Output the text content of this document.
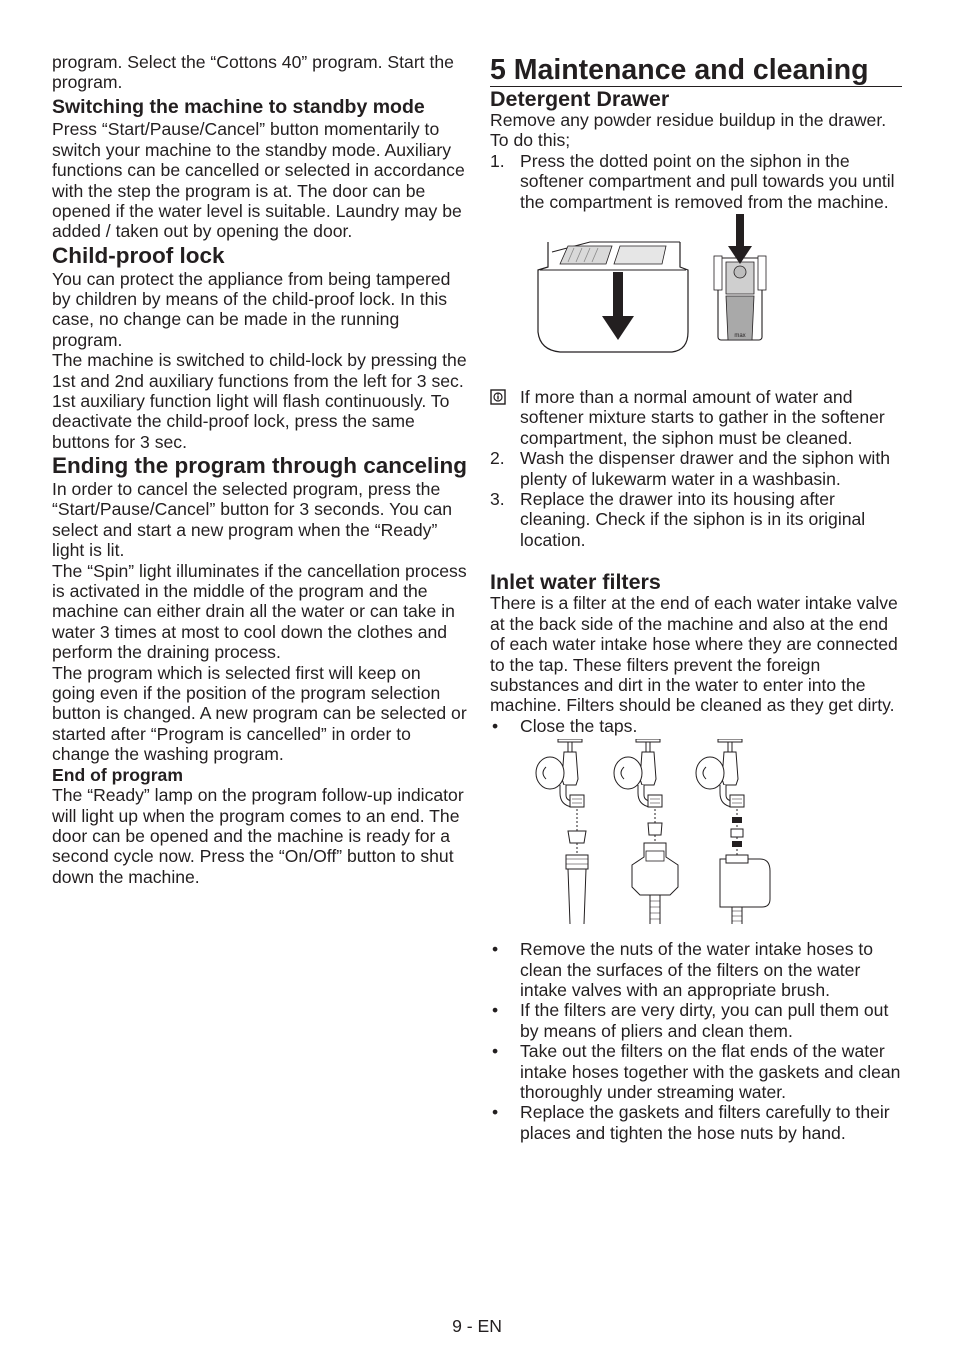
program. Select the “Cottons 40” program. Start the program.

Switching the machine to standby mode

Press “Start/Pause/Cancel” button momentarily to switch your machine to the standby mode. Auxiliary functions can be cancelled or selected in accordance with the step the program is at. The door can be opened if the water level is suitable. Laundry may be added / taken out by opening the door.

Child-proof lock

You can protect the appliance from being tampered by children by means of the child-proof lock. In this case, no change can be made in the running program.

The machine is switched to child-lock by pressing the 1st and 2nd auxiliary functions from the left for 3 sec. 1st auxiliary function light will flash continuously. To deactivate the child-proof lock, press the same buttons for 3 sec.

Ending the program through canceling

In order to cancel the selected program, press the “Start/Pause/Cancel” button for 3 seconds. You can select and start a new program when the “Ready” light is lit.

The “Spin” light illuminates if the cancellation process is activated in the middle of the program and the machine can either drain all the water or can take in water 3 times at most to cool down the clothes and perform the draining process.

The program which is selected first will keep on going even if the position of the program selection button is changed. A new program can be selected or started after “Program is cancelled” in order to change the washing program.

End of program

The “Ready” lamp on the program follow-up indicator will light up when the program comes to an end. The door can be opened and the machine is ready for a second cycle now. Press the “On/Off” button to shut down the machine.

5 Maintenance and cleaning

Detergent Drawer

Remove any powder residue buildup in the drawer. To do this;

1. Press the dotted point on the siphon in the softener compartment and pull towards you until the compartment is removed from the machine.
max
If more than a normal amount of water and softener mixture starts to gather in the softener compartment, the siphon must be cleaned.
2. Wash the dispenser drawer and the siphon with plenty of lukewarm water in a washbasin.
3. Replace the drawer into its housing after cleaning. Check if the siphon is in its original location.

Inlet water filters

There is a filter at the end of each water intake valve at the back side of the machine and also at the end of each water intake hose where they are connected to the tap. These filters prevent the foreign substances and dirt in the water to enter into the machine. Filters should be cleaned as they get dirty.

• Close the taps.
• Remove the nuts of the water intake hoses to clean the surfaces of the filters on the water intake valves with an appropriate brush.
• If the filters are very dirty, you can pull them out by means of pliers and clean them.
• Take out the filters on the flat ends of the water intake hoses together with the gaskets and clean thoroughly under streaming water.
• Replace the gaskets and filters carefully to their places and tighten the hose nuts by hand.
9 - EN
